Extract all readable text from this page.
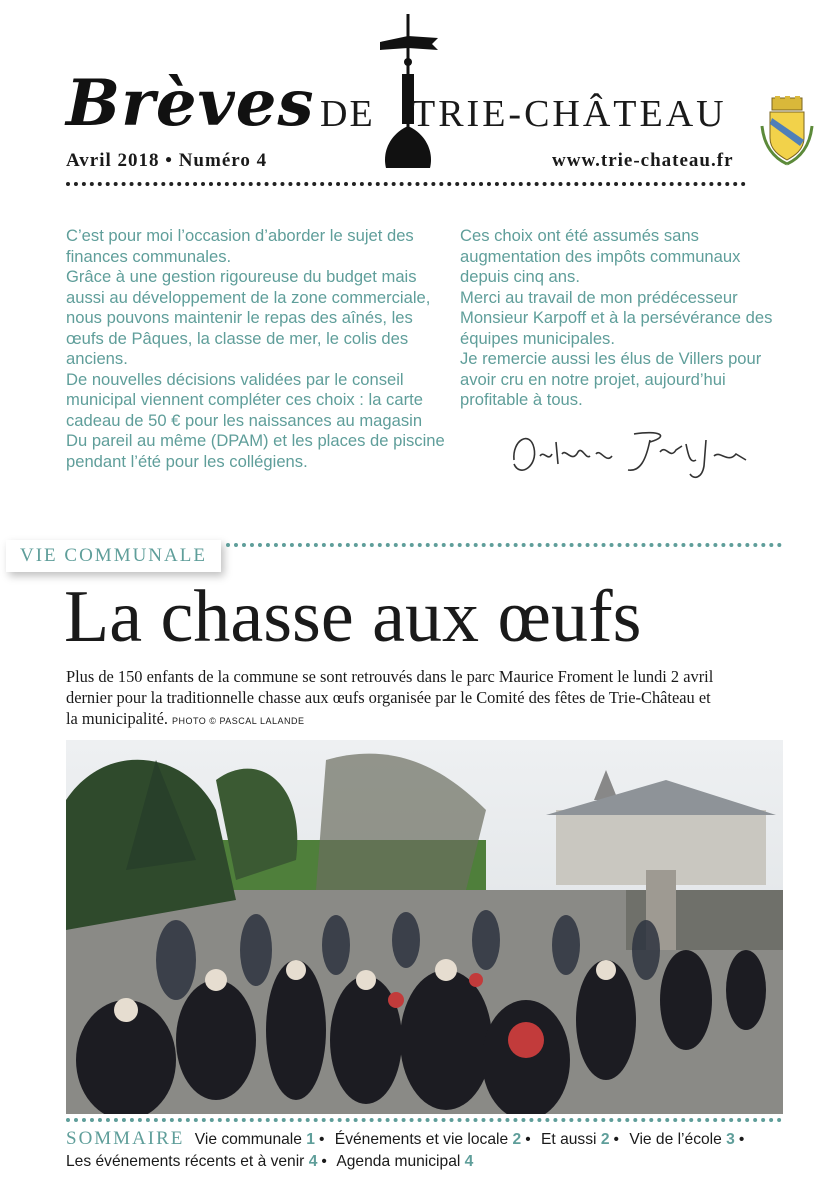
Brèves DE TRIE-CHÂTEAU
Avril 2018 • Numéro 4	www.trie-chateau.fr

C’est pour moi l’occasion d’aborder le sujet des finances communales.

Grâce à une gestion rigoureuse du budget mais aussi au développement de la zone commerciale, nous pouvons maintenir le repas des aînés, les œufs de Pâques, la classe de mer, le colis des anciens.

De nouvelles décisions validées par le conseil municipal viennent compléter ces choix : la carte cadeau de 50 € pour les naissances au magasin Du pareil au même (DPAM) et les places de piscine pendant l’été pour les collégiens.

Ces choix ont été assumés sans augmentation des impôts communaux depuis cinq ans.

Merci au travail de mon prédécesseur Monsieur Karpoff et à la persévérance des équipes municipales.

Je remercie aussi les élus de Villers pour avoir cru en notre projet, aujourd’hui profitable à tous.

VIE COMMUNALE
La chasse aux œufs

Plus de 150 enfants de la commune se sont retrouvés dans le parc Maurice Froment le lundi 2 avril dernier pour la traditionnelle chasse aux œufs organisée par le Comité des fêtes de Trie-Château et la municipalité. PHOTO © PASCAL LALANDE

SOMMAIRE Vie communale 1 • Événements et vie locale 2 • Et aussi 2 • Vie de l’école 3 •
Les événements récents et à venir 4 • Agenda municipal 4
